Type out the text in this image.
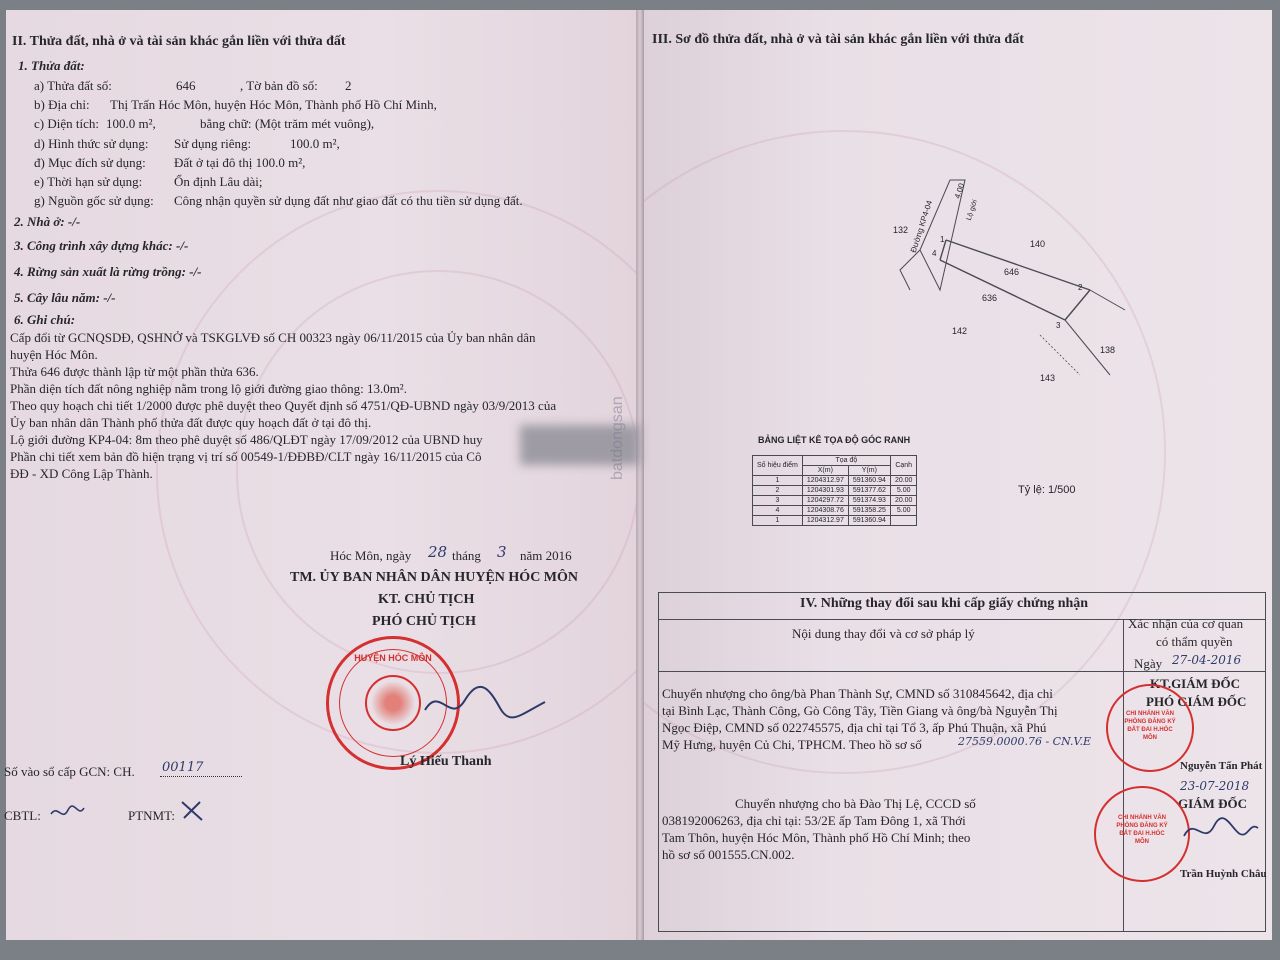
II. Thửa đất, nhà ở và tài sản khác gắn liền với thửa đất
1. Thửa đất:
a) Thửa đất số:	646	, Tờ bản đồ số: 2
b) Địa chỉ: Thị Trấn Hóc Môn, huyện Hóc Môn, Thành phố Hồ Chí Minh,
c) Diện tích: 100.0 m²,	bằng chữ: (Một trăm mét vuông),
d) Hình thức sử dụng: Sử dụng riêng:	100.0 m²,
đ) Mục đích sử dụng: Đất ở tại đô thị 100.0 m²,
e) Thời hạn sử dụng: Ổn định Lâu dài;
g) Nguồn gốc sử dụng: Công nhận quyền sử dụng đất như giao đất có thu tiền sử dụng đất.
2. Nhà ở: -/-
3. Công trình xây dựng khác: -/-
4. Rừng sản xuất là rừng trồng: -/-
5. Cây lâu năm: -/-
6. Ghi chú:
Cấp đổi từ GCNQSDĐ, QSHNỞ và TSKGLVĐ số CH 00323 ngày 06/11/2015 của Ủy ban nhân dân
huyện Hóc Môn.
Thửa 646 được thành lập từ một phần thửa 636.
Phần diện tích đất nông nghiệp nằm trong lộ giới đường giao thông: 13.0m².
Theo quy hoạch chi tiết 1/2000 được phê duyệt theo Quyết định số 4751/QĐ-UBND ngày 03/9/2013 của
Ủy ban nhân dân Thành phố thửa đất được quy hoạch đất ở tại đô thị.
Lộ giới đường KP4-04: 8m theo phê duyệt số 486/QLĐT ngày 17/09/2012 của UBND huy
Phần chi tiết xem bản đồ hiện trạng vị trí số 00549-1/ĐĐBĐ/CLT ngày 16/11/2015 của Cô
ĐĐ - XD Công Lập Thành.
Hóc Môn, ngày 28 tháng 3 năm 2016
TM. ỦY BAN NHÂN DÂN HUYỆN HÓC MÔN
KT. CHỦ TỊCH
PHÓ CHỦ TỊCH
HUYỆN HÓC MÔN
Lý Hiếu Thanh
Số vào sổ cấp GCN: CH. 00117
CBTL:	PTNMT:
III. Sơ đồ thửa đất, nhà ở và tài sản khác gắn liền với thửa đất
132
140
646
636
142
138
143
Đường KP4-04
4.00
Lộ giới
1
2
3
4
BẢNG LIỆT KÊ TỌA ĐỘ GÓC RANH
Số hiệu điểm	Tọa độ		Cạnh
	X(m)	Y(m)	
1	1204312.97	591360.94	20.00
2	1204301.93	591377.62	5.00
3	1204297.72	591374.93	20.00
4	1204308.76	591358.25	5.00
1	1204312.97	591360.94	
Tỷ lệ: 1/500
batdongsan
IV. Những thay đổi sau khi cấp giấy chứng nhận
Nội dung thay đổi và cơ sở pháp lý
Xác nhận của cơ quan
có thẩm quyền
Chuyển nhượng cho ông/bà Phan Thành Sự, CMND số 310845642, địa chỉ
tại Bình Lạc, Thành Công, Gò Công Tây, Tiền Giang và ông/bà Nguyễn Thị
Ngọc Điệp, CMND số 022745575, địa chỉ tại Tổ 3, ấp Phú Thuận, xã Phú
Mỹ Hưng, huyện Củ Chi, TPHCM. Theo hồ sơ số	27559.0000.76 - CN.V.E
Ngày 27-04-2016
KT.GIÁM ĐỐC
PHÓ GIÁM ĐỐC
Nguyễn Tấn Phát
CHI NHÁNH VĂN PHÒNG ĐĂNG KÝ ĐẤT ĐAI H.HÓC MÔN
Chuyển nhượng cho bà Đào Thị Lệ, CCCD số
038192006263, địa chỉ tại: 53/2E ấp Tam Đông 1, xã Thới
Tam Thôn, huyện Hóc Môn, Thành phố Hồ Chí Minh; theo
hồ sơ số 001555.CN.002.
23-07-2018
GIÁM ĐỐC
CHI NHÁNH VĂN PHÒNG ĐĂNG KÝ ĐẤT ĐAI H.HÓC MÔN
Trần Huỳnh Châu
